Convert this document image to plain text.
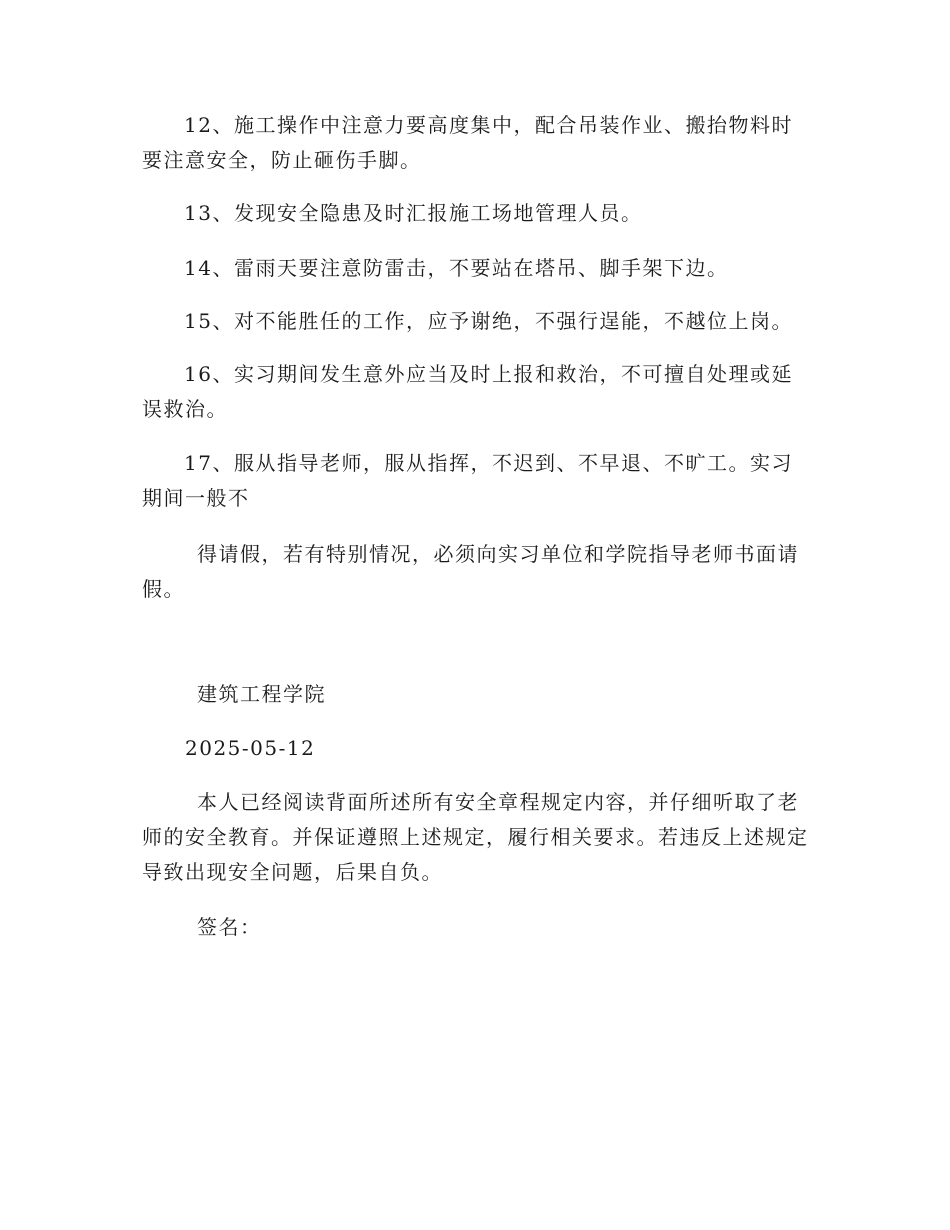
12、施工操作中注意力要高度集中，配合吊装作业、搬抬物料时要注意安全，防止砸伤手脚。

13、发现安全隐患及时汇报施工场地管理人员。

14、雷雨天要注意防雷击，不要站在塔吊、脚手架下边。

15、对不能胜任的工作，应予谢绝，不强行逞能，不越位上岗。

16、实习期间发生意外应当及时上报和救治，不可擅自处理或延误救治。

17、服从指导老师，服从指挥，不迟到、不早退、不旷工。实习期间一般不

得请假，若有特别情况，必须向实习单位和学院指导老师书面请假。

建筑工程学院

2025-05-12

本人已经阅读背面所述所有安全章程规定内容，并仔细听取了老师的安全教育。并保证遵照上述规定，履行相关要求。若违反上述规定导致出现安全问题，后果自负。

签名：
